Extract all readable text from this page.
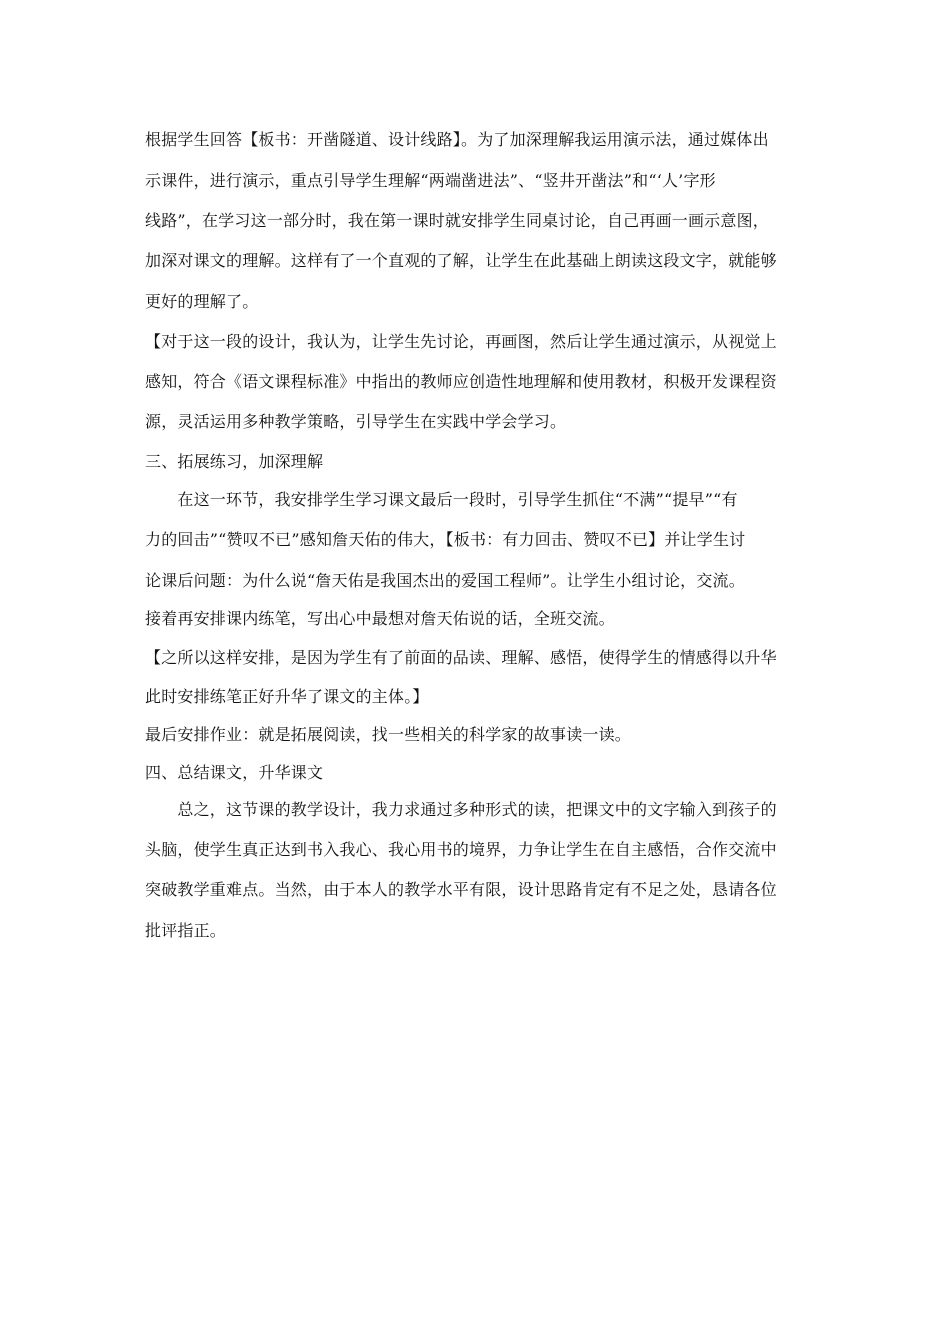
根据学生回答【板书：开凿隧道、设计线路】。为了加深理解我运用演示法，通过媒体出
示课件，进行演示，重点引导学生理解“两端凿进法”、“竖井开凿法”和“‘人’字形
线路”，在学习这一部分时，我在第一课时就安排学生同桌讨论，自己再画一画示意图，
加深对课文的理解。这样有了一个直观的了解，让学生在此基础上朗读这段文字，就能够
更好的理解了。
【对于这一段的设计，我认为，让学生先讨论，再画图，然后让学生通过演示，从视觉上
感知，符合《语文课程标准》中指出的教师应创造性地理解和使用教材，积极开发课程资
源，灵活运用多种教学策略，引导学生在实践中学会学习。
三、拓展练习，加深理解
　　在这一环节，我安排学生学习课文最后一段时，引导学生抓住“不满”“提早”“有
力的回击”“赞叹不已”感知詹天佑的伟大，【板书：有力回击、赞叹不已】并让学生讨
论课后问题：为什么说“詹天佑是我国杰出的爱国工程师”。让学生小组讨论，交流。
接着再安排课内练笔，写出心中最想对詹天佑说的话，全班交流。
【之所以这样安排，是因为学生有了前面的品读、理解、感悟，使得学生的情感得以升华
此时安排练笔正好升华了课文的主体。】
最后安排作业：就是拓展阅读，找一些相关的科学家的故事读一读。
四、总结课文，升华课文
　　总之，这节课的教学设计，我力求通过多种形式的读，把课文中的文字输入到孩子的
头脑，使学生真正达到书入我心、我心用书的境界，力争让学生在自主感悟，合作交流中
突破教学重难点。当然，由于本人的教学水平有限，设计思路肯定有不足之处，恳请各位
批评指正。
